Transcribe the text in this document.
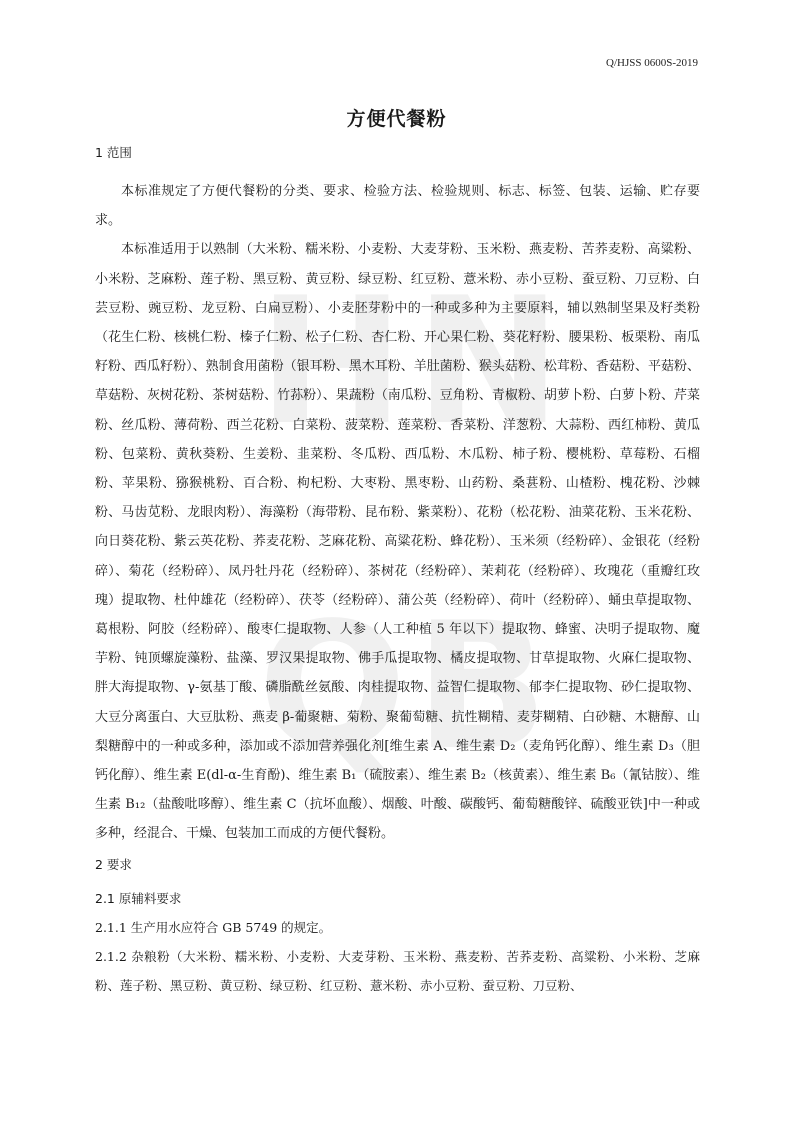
H N
Q B
Q/HJSS 0600S-2019
方便代餐粉
1 范围

本标准规定了方便代餐粉的分类、要求、检验方法、检验规则、标志、标签、包装、运输、贮存要求。

本标准适用于以熟制（大米粉、糯米粉、小麦粉、大麦芽粉、玉米粉、燕麦粉、苦荞麦粉、高粱粉、小米粉、芝麻粉、莲子粉、黑豆粉、黄豆粉、绿豆粉、红豆粉、薏米粉、赤小豆粉、蚕豆粉、刀豆粉、白芸豆粉、豌豆粉、龙豆粉、白扁豆粉）、小麦胚芽粉中的一种或多种为主要原料，辅以熟制坚果及籽类粉（花生仁粉、核桃仁粉、榛子仁粉、松子仁粉、杏仁粉、开心果仁粉、葵花籽粉、腰果粉、板栗粉、南瓜籽粉、西瓜籽粉）、熟制食用菌粉（银耳粉、黑木耳粉、羊肚菌粉、猴头菇粉、松茸粉、香菇粉、平菇粉、草菇粉、灰树花粉、茶树菇粉、竹荪粉）、果蔬粉（南瓜粉、豆角粉、青椒粉、胡萝卜粉、白萝卜粉、芹菜粉、丝瓜粉、薄荷粉、西兰花粉、白菜粉、菠菜粉、莲菜粉、香菜粉、洋葱粉、大蒜粉、西红柿粉、黄瓜粉、包菜粉、黄秋葵粉、生姜粉、韭菜粉、冬瓜粉、西瓜粉、木瓜粉、柿子粉、樱桃粉、草莓粉、石榴粉、苹果粉、猕猴桃粉、百合粉、枸杞粉、大枣粉、黑枣粉、山药粉、桑葚粉、山楂粉、槐花粉、沙棘粉、马齿苋粉、龙眼肉粉）、海藻粉（海带粉、昆布粉、紫菜粉）、花粉（松花粉、油菜花粉、玉米花粉、向日葵花粉、紫云英花粉、荞麦花粉、芝麻花粉、高粱花粉、蜂花粉）、玉米须（经粉碎）、金银花（经粉碎）、菊花（经粉碎）、凤丹牡丹花（经粉碎）、茶树花（经粉碎）、茉莉花（经粉碎）、玫瑰花（重瓣红玫瑰）提取物、杜仲雄花（经粉碎）、茯苓（经粉碎）、蒲公英（经粉碎）、荷叶（经粉碎）、蛹虫草提取物、葛根粉、阿胶（经粉碎）、酸枣仁提取物、人参（人工种植 5 年以下）提取物、蜂蜜、决明子提取物、魔芋粉、钝顶螺旋藻粉、盐藻、罗汉果提取物、佛手瓜提取物、橘皮提取物、甘草提取物、火麻仁提取物、胖大海提取物、γ-氨基丁酸、磷脂酰丝氨酸、肉桂提取物、益智仁提取物、郁李仁提取物、砂仁提取物、大豆分离蛋白、大豆肽粉、燕麦 β-葡聚糖、菊粉、聚葡萄糖、抗性糊精、麦芽糊精、白砂糖、木糖醇、山梨糖醇中的一种或多种，添加或不添加营养强化剂[维生素 A、维生素 D₂（麦角钙化醇）、维生素 D₃（胆钙化醇）、维生素 E(dl-α-生育酚)、维生素 B₁（硫胺素）、维生素 B₂（核黄素）、维生素 B₆（氰钴胺）、维生素 B₁₂（盐酸吡哆醇）、维生素 C（抗坏血酸）、烟酸、叶酸、碳酸钙、葡萄糖酸锌、硫酸亚铁]中一种或多种，经混合、干燥、包装加工而成的方便代餐粉。

2 要求
2.1 原辅料要求

2.1.1 生产用水应符合 GB 5749 的规定。

2.1.2 杂粮粉（大米粉、糯米粉、小麦粉、大麦芽粉、玉米粉、燕麦粉、苦荞麦粉、高粱粉、小米粉、芝麻粉、莲子粉、黑豆粉、黄豆粉、绿豆粉、红豆粉、薏米粉、赤小豆粉、蚕豆粉、刀豆粉、
